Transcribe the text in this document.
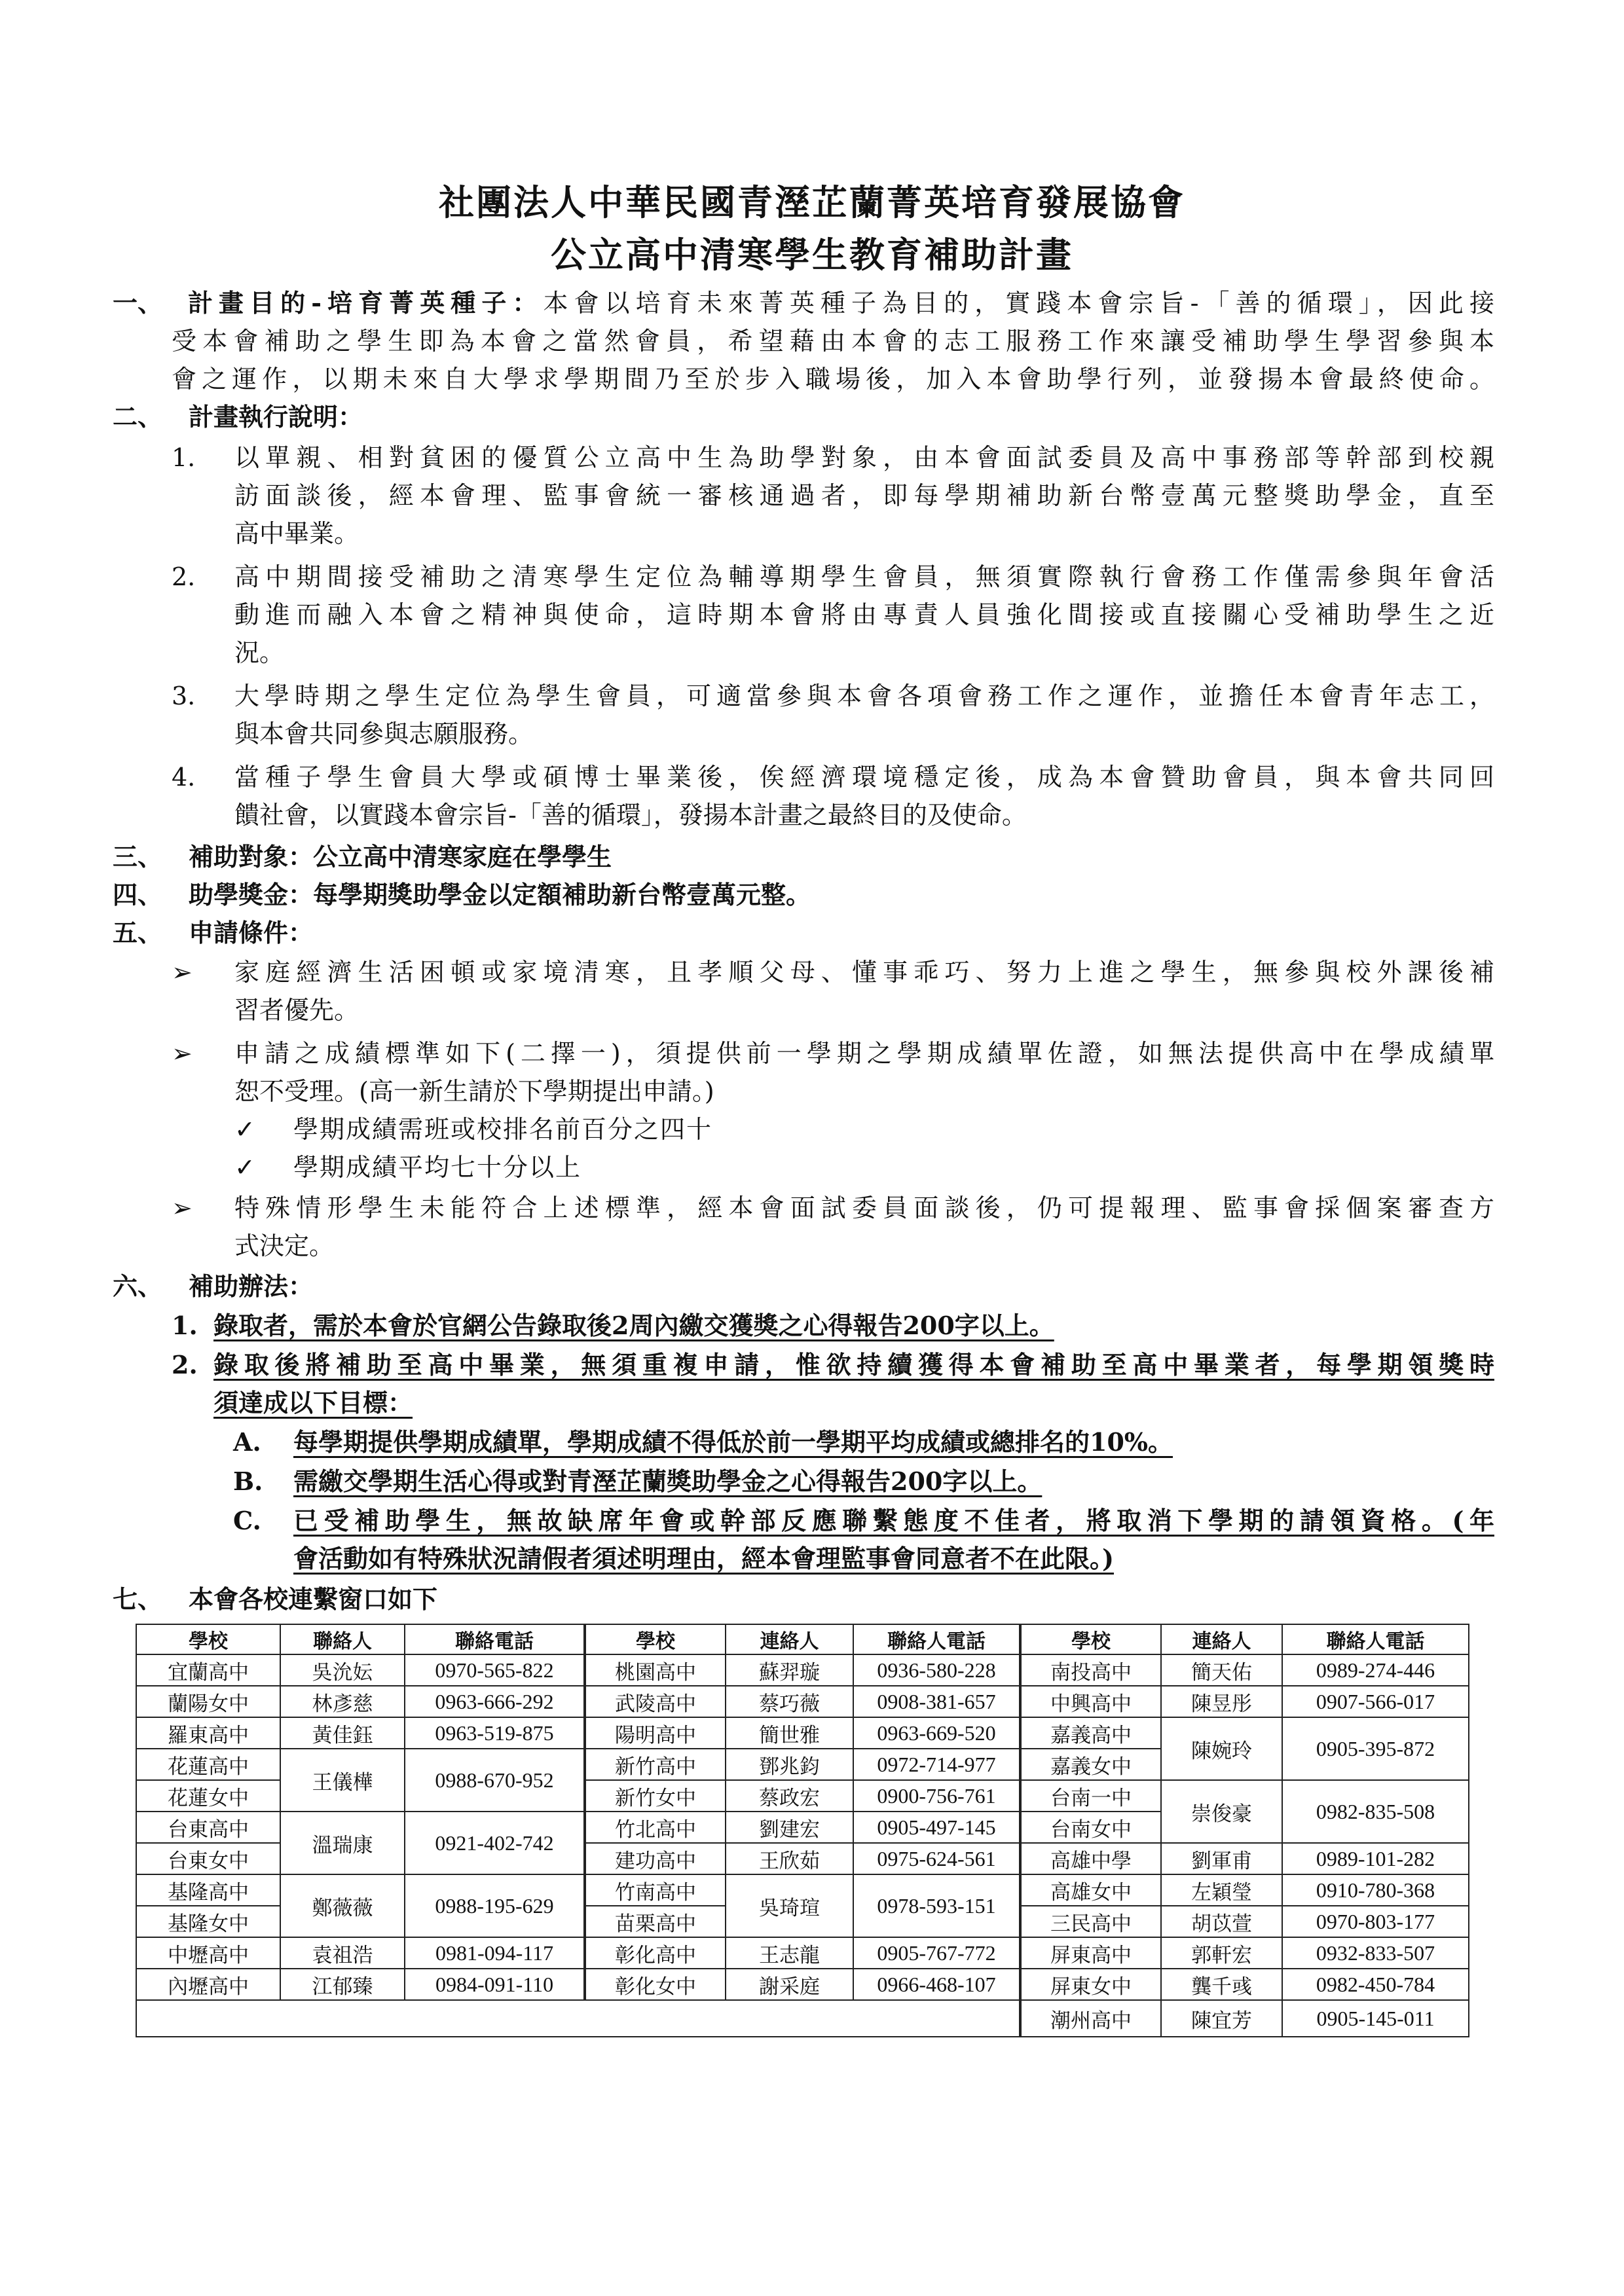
社團法人中華民國青溼芷蘭菁英培育發展協會
公立高中清寒學生教育補助計畫
一、 計畫目的-培育菁英種子：本會以培育未來菁英種子為目的，實踐本會宗旨-「善的循環」，因此接
受本會補助之學生即為本會之當然會員，希望藉由本會的志工服務工作來讓受補助學生學習參與本
會之運作，以期未來自大學求學期間乃至於步入職場後，加入本會助學行列，並發揚本會最終使命。
二、 計畫執行說明：
1. 以單親、相對貧困的優質公立高中生為助學對象，由本會面試委員及高中事務部等幹部到校親
訪面談後，經本會理、監事會統一審核通過者，即每學期補助新台幣壹萬元整獎助學金，直至
高中畢業。
2. 高中期間接受補助之清寒學生定位為輔導期學生會員，無須實際執行會務工作僅需參與年會活
動進而融入本會之精神與使命，這時期本會將由專責人員強化間接或直接關心受補助學生之近
況。
3. 大學時期之學生定位為學生會員，可適當參與本會各項會務工作之運作，並擔任本會青年志工，
與本會共同參與志願服務。
4. 當種子學生會員大學或碩博士畢業後，俟經濟環境穩定後，成為本會贊助會員，與本會共同回
饋社會，以實踐本會宗旨-「善的循環」，發揚本計畫之最終目的及使命。
三、 補助對象：公立高中清寒家庭在學學生
四、 助學獎金：每學期獎助學金以定額補助新台幣壹萬元整。
五、 申請條件：
➢ 家庭經濟生活困頓或家境清寒，且孝順父母、懂事乖巧、努力上進之學生，無參與校外課後補
習者優先。
➢ 申請之成績標準如下(二擇一)，須提供前一學期之學期成績單佐證，如無法提供高中在學成績單
恕不受理。(高一新生請於下學期提出申請。)
✓ 學期成績需班或校排名前百分之四十
✓ 學期成績平均七十分以上
➢ 特殊情形學生未能符合上述標準，經本會面試委員面談後，仍可提報理、監事會採個案審查方
式決定。
六、 補助辦法：
1. 錄取者，需於本會於官網公告錄取後2周內繳交獲獎之心得報告200字以上。
2. 錄取後將補助至高中畢業，無須重複申請，惟欲持續獲得本會補助至高中畢業者，每學期領獎時
須達成以下目標：
A. 每學期提供學期成績單，學期成績不得低於前一學期平均成績或總排名的10%。
B. 需繳交學期生活心得或對青溼芷蘭獎助學金之心得報告200字以上。
C. 已受補助學生，無故缺席年會或幹部反應聯繫態度不佳者，將取消下學期的請領資格。(年
會活動如有特殊狀況請假者須述明理由，經本會理監事會同意者不在此限。)
七、 本會各校連繫窗口如下
學校	聯絡人	聯絡電話	學校	連絡人	聯絡人電話	學校	連絡人	聯絡人電話
宜蘭高中	吳沇妘	0970-565-822	桃園高中	蘇羿璇	0936-580-228	南投高中	簡天佑	0989-274-446
蘭陽女中	林彥慈	0963-666-292	武陵高中	蔡巧薇	0908-381-657	中興高中	陳昱彤	0907-566-017
羅東高中	黃佳鈺	0963-519-875	陽明高中	簡世雅	0963-669-520	嘉義高中	陳婉玲	0905-395-872
花蓮高中	王儀樺	0988-670-952	新竹高中	鄧兆鈞	0972-714-977	嘉義女中		
花蓮女中			新竹女中	蔡政宏	0900-756-761	台南一中	崇俊豪	0982-835-508
台東高中	溫瑞康	0921-402-742	竹北高中	劉建宏	0905-497-145	台南女中		
台東女中			建功高中	王欣茹	0975-624-561	高雄中學	劉軍甫	0989-101-282
基隆高中	鄭薇薇	0988-195-629	竹南高中	吳琦瑄	0978-593-151	高雄女中	左穎瑩	0910-780-368
基隆女中			苗栗高中			三民高中	胡苡萱	0970-803-177
中壢高中	袁祖浩	0981-094-117	彰化高中	王志龍	0905-767-772	屏東高中	郭軒宏	0932-833-507
內壢高中	江郁臻	0984-091-110	彰化女中	謝采庭	0966-468-107	屏東女中	龔千彧	0982-450-784
						潮州高中	陳宜芳	0905-145-011
